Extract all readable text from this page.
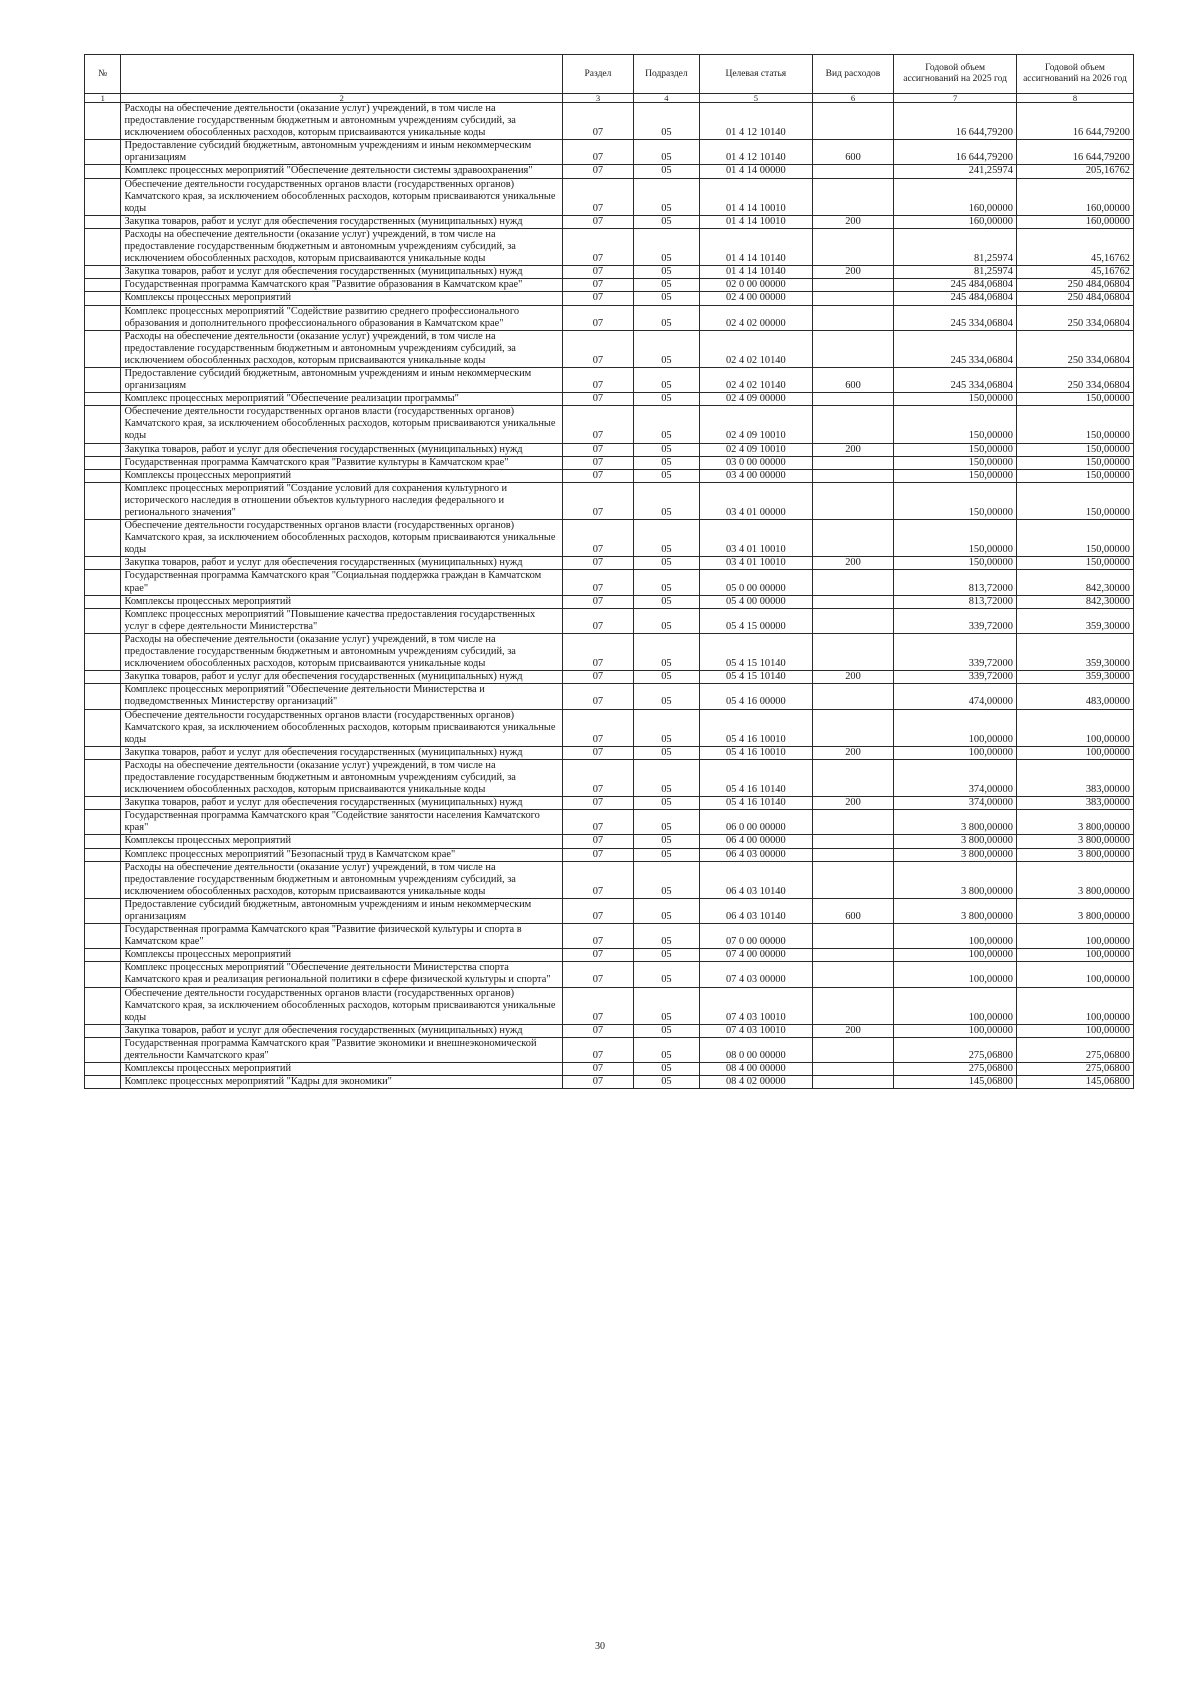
№		Раздел	Подраздел	Целевая статья	Вид расходов	Годовой объем ассигнований на 2025 год	Годовой объем ассигнований на 2026 год
1	2	3	4	5	6	7	8
	Расходы на обеспечение деятельности (оказание услуг) учреждений, в том числе на предоставление государственным бюджетным и автономным учреждениям субсидий, за исключением обособленных расходов, которым присваиваются уникальные коды	07	05	01 4 12 10140		16 644,79200	16 644,79200
	Предоставление субсидий бюджетным, автономным учреждениям и иным некоммерческим организациям	07	05	01 4 12 10140	600	16 644,79200	16 644,79200
	Комплекс процессных мероприятий "Обеспечение деятельности системы здравоохранения"	07	05	01 4 14 00000		241,25974	205,16762
	Обеспечение деятельности государственных органов власти (государственных органов) Камчатского края, за исключением обособленных расходов, которым присваиваются уникальные коды	07	05	01 4 14 10010		160,00000	160,00000
	Закупка товаров, работ и услуг для обеспечения государственных (муниципальных) нужд	07	05	01 4 14 10010	200	160,00000	160,00000
	Расходы на обеспечение деятельности (оказание услуг) учреждений, в том числе на предоставление государственным бюджетным и автономным учреждениям субсидий, за исключением обособленных расходов, которым присваиваются уникальные коды	07	05	01 4 14 10140		81,25974	45,16762
	Закупка товаров, работ и услуг для обеспечения государственных (муниципальных) нужд	07	05	01 4 14 10140	200	81,25974	45,16762
	Государственная программа Камчатского края "Развитие образования в Камчатском крае"	07	05	02 0 00 00000		245 484,06804	250 484,06804
	Комплексы процессных мероприятий	07	05	02 4 00 00000		245 484,06804	250 484,06804
	Комплекс процессных мероприятий "Содействие развитию среднего профессионального образования и дополнительного профессионального образования в Камчатском крае"	07	05	02 4 02 00000		245 334,06804	250 334,06804
	Расходы на обеспечение деятельности (оказание услуг) учреждений, в том числе на предоставление государственным бюджетным и автономным учреждениям субсидий, за исключением обособленных расходов, которым присваиваются уникальные коды	07	05	02 4 02 10140		245 334,06804	250 334,06804
	Предоставление субсидий бюджетным, автономным учреждениям и иным некоммерческим организациям	07	05	02 4 02 10140	600	245 334,06804	250 334,06804
	Комплекс процессных мероприятий "Обеспечение реализации программы"	07	05	02 4 09 00000		150,00000	150,00000
	Обеспечение деятельности государственных органов власти (государственных органов) Камчатского края, за исключением обособленных расходов, которым присваиваются уникальные коды	07	05	02 4 09 10010		150,00000	150,00000
	Закупка товаров, работ и услуг для обеспечения государственных (муниципальных) нужд	07	05	02 4 09 10010	200	150,00000	150,00000
	Государственная программа Камчатского края "Развитие культуры в Камчатском крае"	07	05	03 0 00 00000		150,00000	150,00000
	Комплексы процессных мероприятий	07	05	03 4 00 00000		150,00000	150,00000
	Комплекс процессных мероприятий "Создание условий для сохранения культурного и исторического наследия в отношении объектов культурного наследия федерального и регионального значения"	07	05	03 4 01 00000		150,00000	150,00000
	Обеспечение деятельности государственных органов власти (государственных органов) Камчатского края, за исключением обособленных расходов, которым присваиваются уникальные коды	07	05	03 4 01 10010		150,00000	150,00000
	Закупка товаров, работ и услуг для обеспечения государственных (муниципальных) нужд	07	05	03 4 01 10010	200	150,00000	150,00000
	Государственная программа Камчатского края "Социальная поддержка граждан в Камчатском крае"	07	05	05 0 00 00000		813,72000	842,30000
	Комплексы процессных мероприятий	07	05	05 4 00 00000		813,72000	842,30000
	Комплекс процессных мероприятий "Повышение качества предоставления государственных услуг в сфере деятельности Министерства"	07	05	05 4 15 00000		339,72000	359,30000
	Расходы на обеспечение деятельности (оказание услуг) учреждений, в том числе на предоставление государственным бюджетным и автономным учреждениям субсидий, за исключением обособленных расходов, которым присваиваются уникальные коды	07	05	05 4 15 10140		339,72000	359,30000
	Закупка товаров, работ и услуг для обеспечения государственных (муниципальных) нужд	07	05	05 4 15 10140	200	339,72000	359,30000
	Комплекс процессных мероприятий "Обеспечение деятельности Министерства и подведомственных Министерству организаций"	07	05	05 4 16 00000		474,00000	483,00000
	Обеспечение деятельности государственных органов власти (государственных органов) Камчатского края, за исключением обособленных расходов, которым присваиваются уникальные коды	07	05	05 4 16 10010		100,00000	100,00000
	Закупка товаров, работ и услуг для обеспечения государственных (муниципальных) нужд	07	05	05 4 16 10010	200	100,00000	100,00000
	Расходы на обеспечение деятельности (оказание услуг) учреждений, в том числе на предоставление государственным бюджетным и автономным учреждениям субсидий, за исключением обособленных расходов, которым присваиваются уникальные коды	07	05	05 4 16 10140		374,00000	383,00000
	Закупка товаров, работ и услуг для обеспечения государственных (муниципальных) нужд	07	05	05 4 16 10140	200	374,00000	383,00000
	Государственная программа Камчатского края "Содействие занятости населения Камчатского края"	07	05	06 0 00 00000		3 800,00000	3 800,00000
	Комплексы процессных мероприятий	07	05	06 4 00 00000		3 800,00000	3 800,00000
	Комплекс процессных мероприятий "Безопасный труд в Камчатском крае"	07	05	06 4 03 00000		3 800,00000	3 800,00000
	Расходы на обеспечение деятельности (оказание услуг) учреждений, в том числе на предоставление государственным бюджетным и автономным учреждениям субсидий, за исключением обособленных расходов, которым присваиваются уникальные коды	07	05	06 4 03 10140		3 800,00000	3 800,00000
	Предоставление субсидий бюджетным, автономным учреждениям и иным некоммерческим организациям	07	05	06 4 03 10140	600	3 800,00000	3 800,00000
	Государственная программа Камчатского края "Развитие физической культуры и спорта в Камчатском крае"	07	05	07 0 00 00000		100,00000	100,00000
	Комплексы процессных мероприятий	07	05	07 4 00 00000		100,00000	100,00000
	Комплекс процессных мероприятий "Обеспечение деятельности Министерства спорта Камчатского края и реализация региональной политики в сфере физической культуры и спорта"	07	05	07 4 03 00000		100,00000	100,00000
	Обеспечение деятельности государственных органов власти (государственных органов) Камчатского края, за исключением обособленных расходов, которым присваиваются уникальные коды	07	05	07 4 03 10010		100,00000	100,00000
	Закупка товаров, работ и услуг для обеспечения государственных (муниципальных) нужд	07	05	07 4 03 10010	200	100,00000	100,00000
	Государственная программа Камчатского края "Развитие экономики и внешнеэкономической деятельности Камчатского края"	07	05	08 0 00 00000		275,06800	275,06800
	Комплексы процессных мероприятий	07	05	08 4 00 00000		275,06800	275,06800
	Комплекс процессных мероприятий "Кадры для экономики"	07	05	08 4 02 00000		145,06800	145,06800
30
